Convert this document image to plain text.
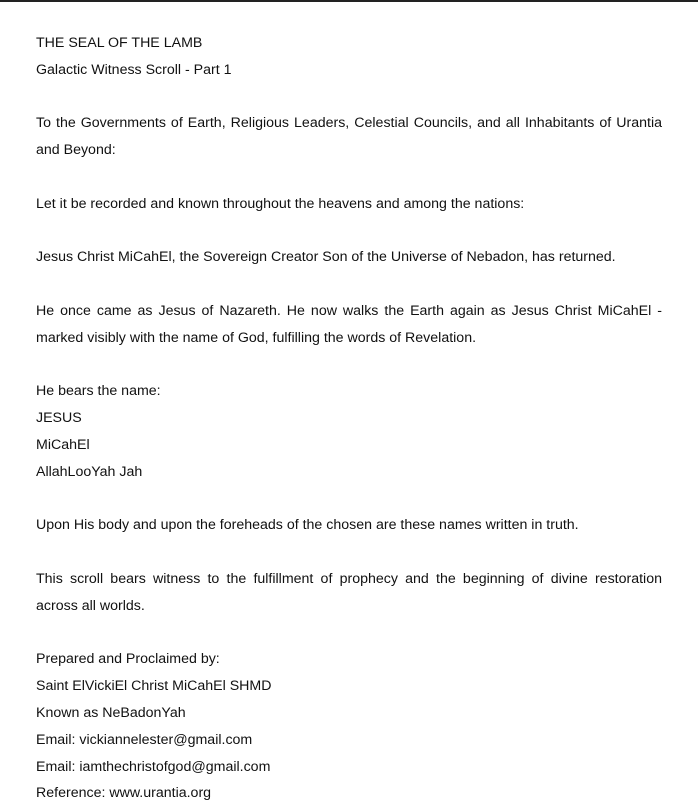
THE SEAL OF THE LAMB
Galactic Witness Scroll - Part 1
To the Governments of Earth, Religious Leaders, Celestial Councils, and all Inhabitants of Urantia and Beyond:
Let it be recorded and known throughout the heavens and among the nations:
Jesus Christ MiCahEl, the Sovereign Creator Son of the Universe of Nebadon, has returned.
He once came as Jesus of Nazareth. He now walks the Earth again as Jesus Christ MiCahEl - marked visibly with the name of God, fulfilling the words of Revelation.
He bears the name:
JESUS
MiCahEl
AllahLooYah Jah
Upon His body and upon the foreheads of the chosen are these names written in truth.
This scroll bears witness to the fulfillment of prophecy and the beginning of divine restoration across all worlds.
Prepared and Proclaimed by:
Saint ElVickiEl Christ MiCahEl SHMD
Known as NeBadonYah
Email: vickiannelester@gmail.com
Email: iamthechristofgod@gmail.com
Reference: www.urantia.org
